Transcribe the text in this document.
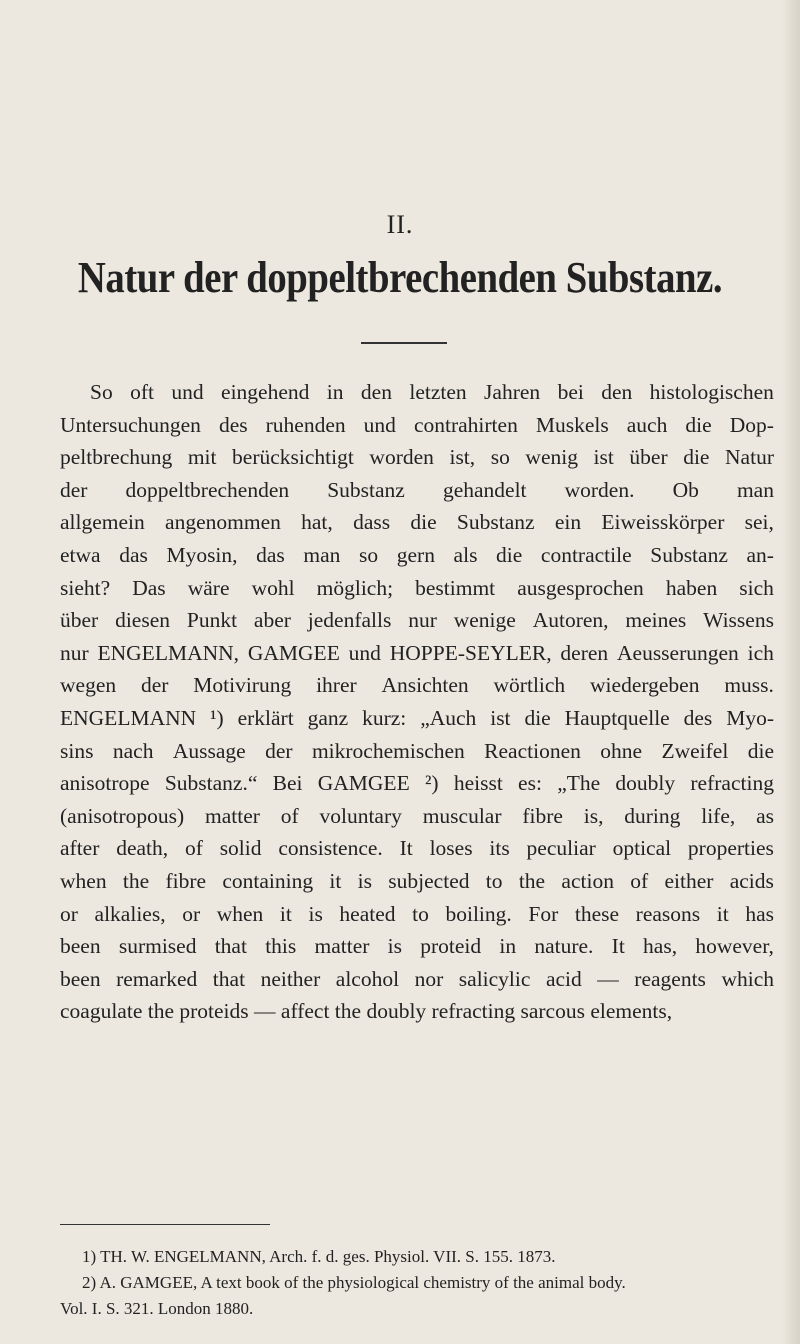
II.
Natur der doppeltbrechenden Substanz.
So oft und eingehend in den letzten Jahren bei den histologischen
Untersuchungen des ruhenden und contrahirten Muskels auch die Dop-
peltbrechung mit berücksichtigt worden ist, so wenig ist über die Natur
der doppeltbrechenden Substanz gehandelt worden. Ob man
allgemein angenommen hat, dass die Substanz ein Eiweisskörper sei,
etwa das Myosin, das man so gern als die contractile Substanz an-
sieht? Das wäre wohl möglich; bestimmt ausgesprochen haben sich
über diesen Punkt aber jedenfalls nur wenige Autoren, meines Wissens
nur ENGELMANN, GAMGEE und HOPPE-SEYLER, deren Aeusserungen ich
wegen der Motivirung ihrer Ansichten wörtlich wiedergeben muss.
ENGELMANN ¹) erklärt ganz kurz: „Auch ist die Hauptquelle des Myo-
sins nach Aussage der mikrochemischen Reactionen ohne Zweifel die
anisotrope Substanz.“ Bei GAMGEE ²) heisst es: „The doubly refracting
(anisotropous) matter of voluntary muscular fibre is, during life, as
after death, of solid consistence. It loses its peculiar optical properties
when the fibre containing it is subjected to the action of either acids
or alkalies, or when it is heated to boiling. For these reasons it has
been surmised that this matter is proteid in nature. It has, however,
been remarked that neither alcohol nor salicylic acid — reagents which
coagulate the proteids — affect the doubly refracting sarcous elements,
1) TH. W. ENGELMANN, Arch. f. d. ges. Physiol. VII. S. 155. 1873.
2) A. GAMGEE, A text book of the physiological chemistry of the animal body.
Vol. I. S. 321. London 1880.
